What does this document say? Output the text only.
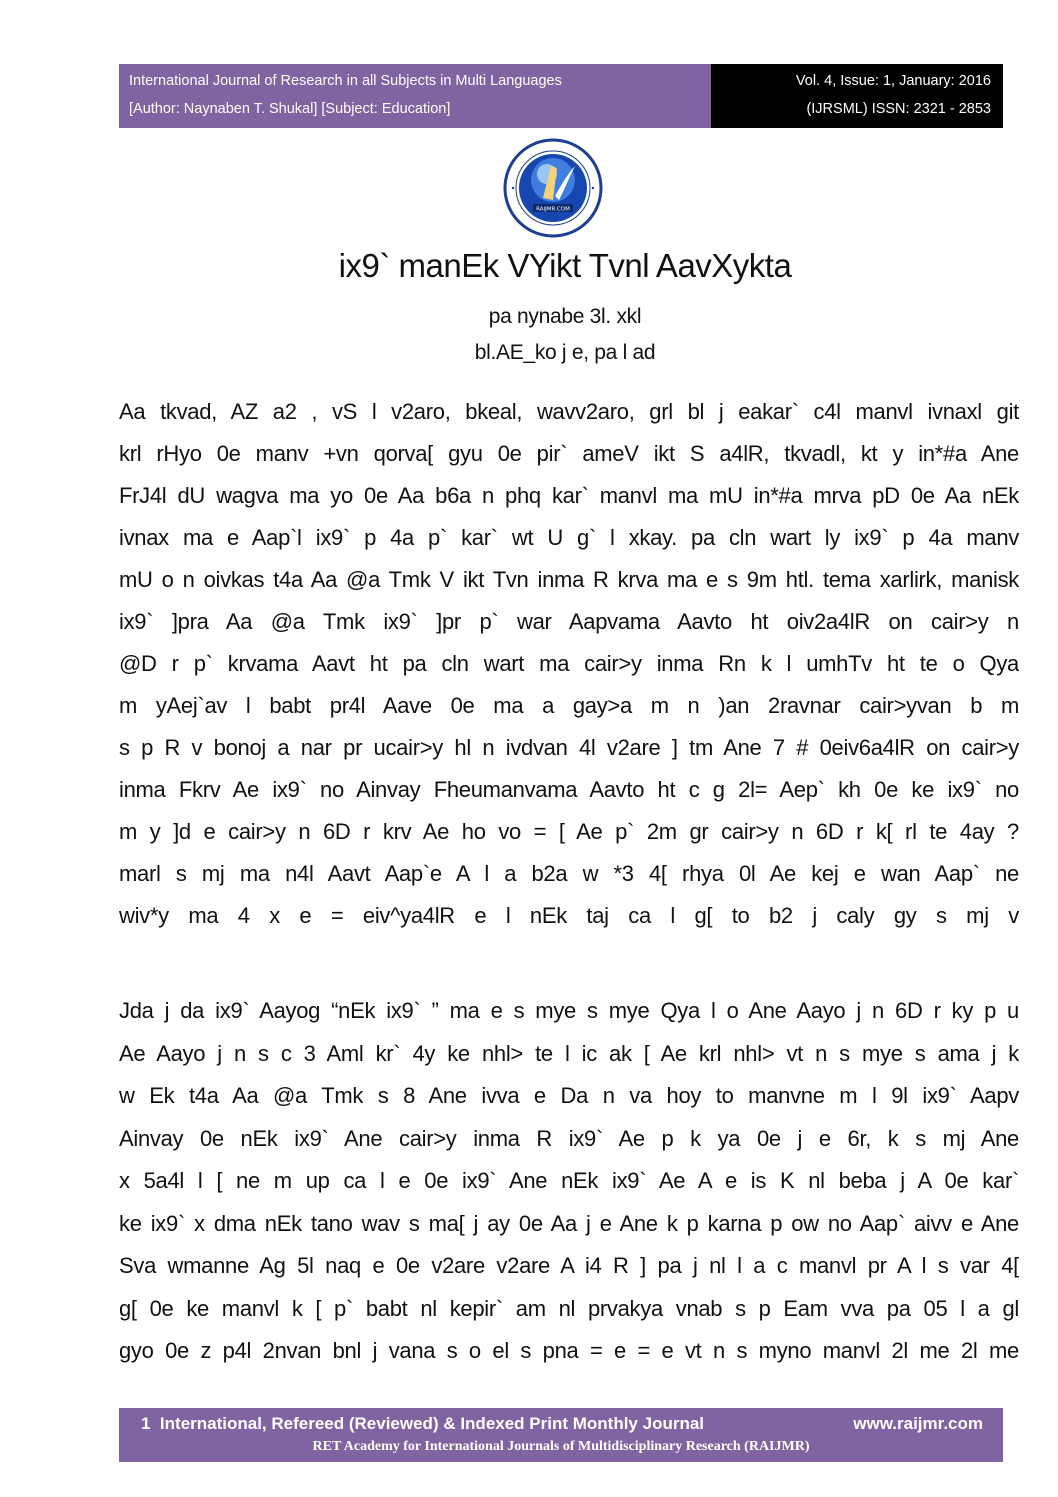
International Journal of Research in all Subjects in Multi Languages
[Author: Naynaben T. Shukal] [Subject: Education]
Vol. 4, Issue: 1, January: 2016
(IJRSML) ISSN: 2321 - 2853
RAIJMR.COM
ix9` manEk VYikt Tvnl AavXykta
pa nynabe 3l. xkl
bl.AE_ko j e, pa l ad
Aa tkvad, AZ a2 , vS l v2aro, bkeal, wavv2aro, grl bl j eakar` c4l manvl ivnaxl git
krl rHyo 0e manv +vn qorva[ gyu 0e pir` ameV ikt S a4lR, tkvadl, kt y in*#a Ane
FrJ4l dU wagva ma yo 0e Aa b6a n phq kar` manvl ma mU in*#a mrva pD 0e Aa nEk
ivnax ma e Aap`l ix9` p 4a p` kar` wt U g` l xkay. pa cln wart ly ix9` p 4a manv
mU o n oivkas t4a Aa @a Tmk V ikt Tvn inma R krva ma e s 9m htl. tema xarlirk, manisk
ix9` ]pra Aa @a Tmk ix9` ]pr p` war Aapvama Aavto ht oiv2a4lR on cair>y n
@D r p` krvama Aavt ht pa cln wart ma cair>y inma Rn k l umhTv ht te o Qya
m yAej`av l babt pr4l Aave 0e ma a gay>a m n )an 2ravnar cair>yvan b m
s p R v bonoj a nar pr ucair>y hl n ivdvan 4l v2are ] tm Ane 7 # 0eiv6a4lR on cair>y
inma Fkrv Ae ix9` no Ainvay Fheumanvama Aavto ht c g 2l= Aep` kh 0e ke ix9` no
m y ]d e cair>y n 6D r krv Ae ho vo = [ Ae p` 2m gr cair>y n 6D r k[ rl te 4ay ?
marl s mj ma n4l Aavt Aap`e A l a b2a w *3 4[ rhya 0l Ae kej e wan Aap` ne
wiv*y ma 4 x e = eiv^ya4lR e l nEk taj ca l g[ to b2 j caly gy s mj v
Jda j da ix9` Aayog “nEk ix9` ” ma e s mye s mye Qya l o Ane Aayo j n 6D r ky p u
Ae Aayo j n s c 3 Aml kr` 4y ke nhl> te l ic ak [ Ae krl nhl> vt n s mye s ama j k
w Ek t4a Aa @a Tmk s 8 Ane ivva e Da n va hoy to manvne m l 9l ix9` Aapv
Ainvay 0e nEk ix9` Ane cair>y inma R ix9` Ae p k ya 0e j e 6r, k s mj Ane
x 5a4l l [ ne m up ca l e 0e ix9` Ane nEk ix9` Ae A e is K nl beba j A 0e kar`
ke ix9` x dma nEk tano wav s ma[ j ay 0e Aa j e Ane k p karna p ow no Aap` aivv e Ane
Sva wmanne Ag 5l naq e 0e v2are v2are A i4 R ] pa j nl l a c manvl pr A l s var 4[
g[ 0e ke manvl k [ p` babt nl kepir` am nl prvakya vnab s p Eam vva pa 05 l a gl
gyo 0e z p4l 2nvan bnl j vana s o el s pna = e = e vt n s myno manvl 2l me 2l me
1 International, Refereed (Reviewed) & Indexed Print Monthly Journal	www.raijmr.com
RET Academy for International Journals of Multidisciplinary Research (RAIJMR)
